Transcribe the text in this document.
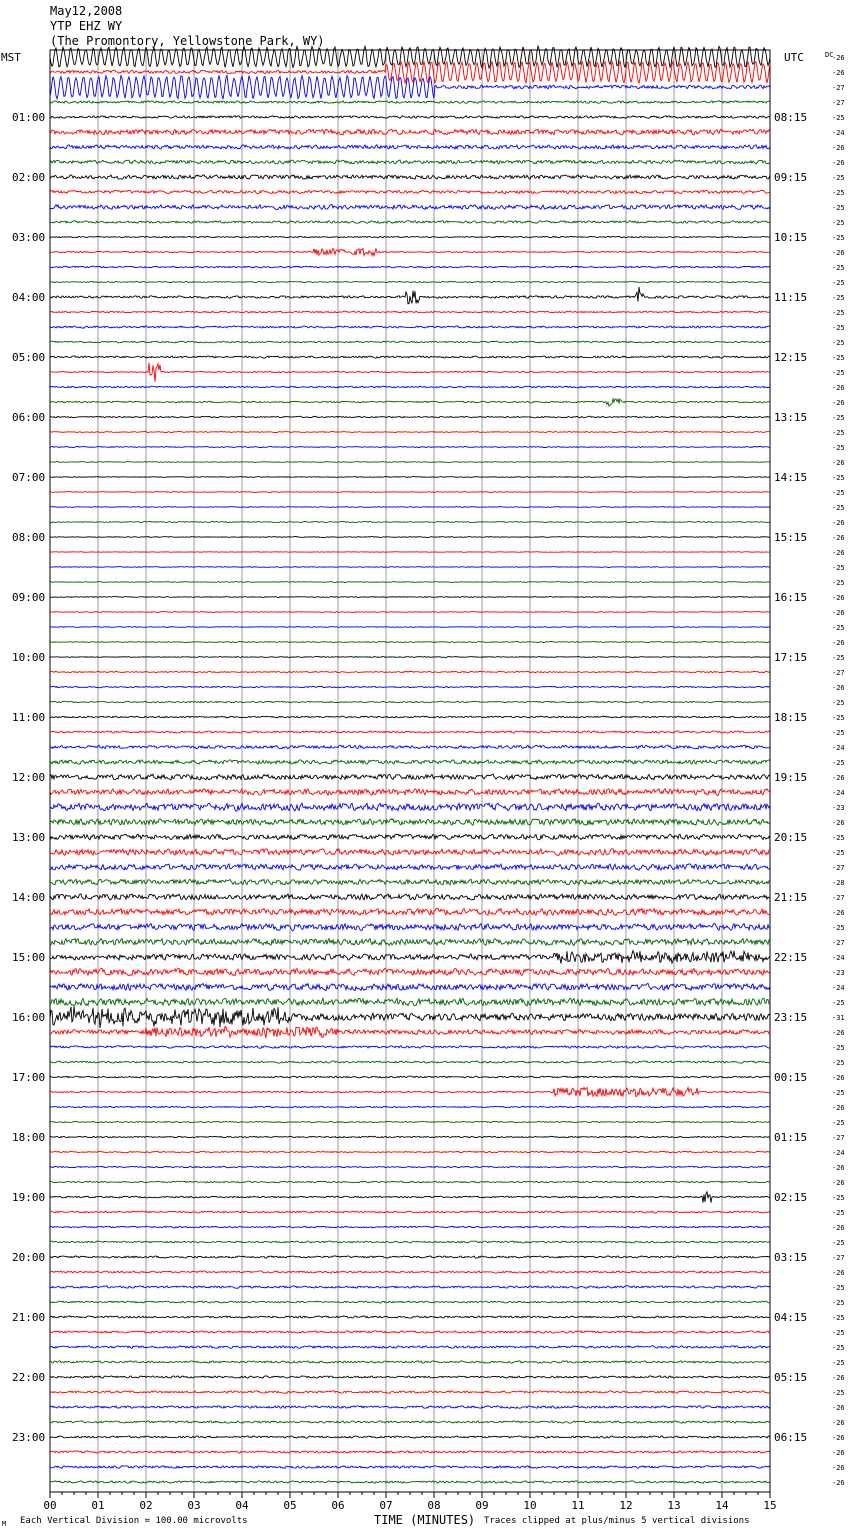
May12,2008
YTP EHZ WY
(The Promontory, Yellowstone Park, WY)
-26
-26
-27
-27
-25
-24
-26
-26
-25
-25
-25
-25
-25
-26
-25
-25
-25
-25
-25
-25
-25
-25
-26
-26
-25
-25
-25
-26
-25
-25
-25
-26
-26
-26
-25
-25
-26
-26
-25
-26
-25
-27
-26
-25
-25
-25
-24
-25
-26
-24
-23
-26
-25
-25
-27
-28
-27
-26
-25
-27
-24
-23
-24
-25
-31
-26
-25
-25
-26
-25
-26
-25
-27
-24
-26
-26
-25
-25
-26
-25
-27
-26
-25
-25
-25
-25
-25
-25
-26
-25
-26
-26
-26
-26
-26
-26
DC
MST	UTC
01:00
02:00
03:00
04:00
05:00
06:00
07:00
08:00
09:00
10:00
11:00
12:00
13:00
14:00
15:00
16:00
17:00
18:00
19:00
20:00
21:00
22:00
23:00
08:15
09:15
10:15
11:15
12:15
13:15
14:15
15:15
16:15
17:15
18:15
19:15
20:15
21:15
22:15
23:15
00:15
01:15
02:15
03:15
04:15
05:15
06:15
00	01	02	03	04	05	06	07	08	09	10	11	12	13	14	15
Each Vertical Division = 100.00 microvolts
M	TIME (MINUTES) Traces clipped at plus/minus 5 vertical divisions
